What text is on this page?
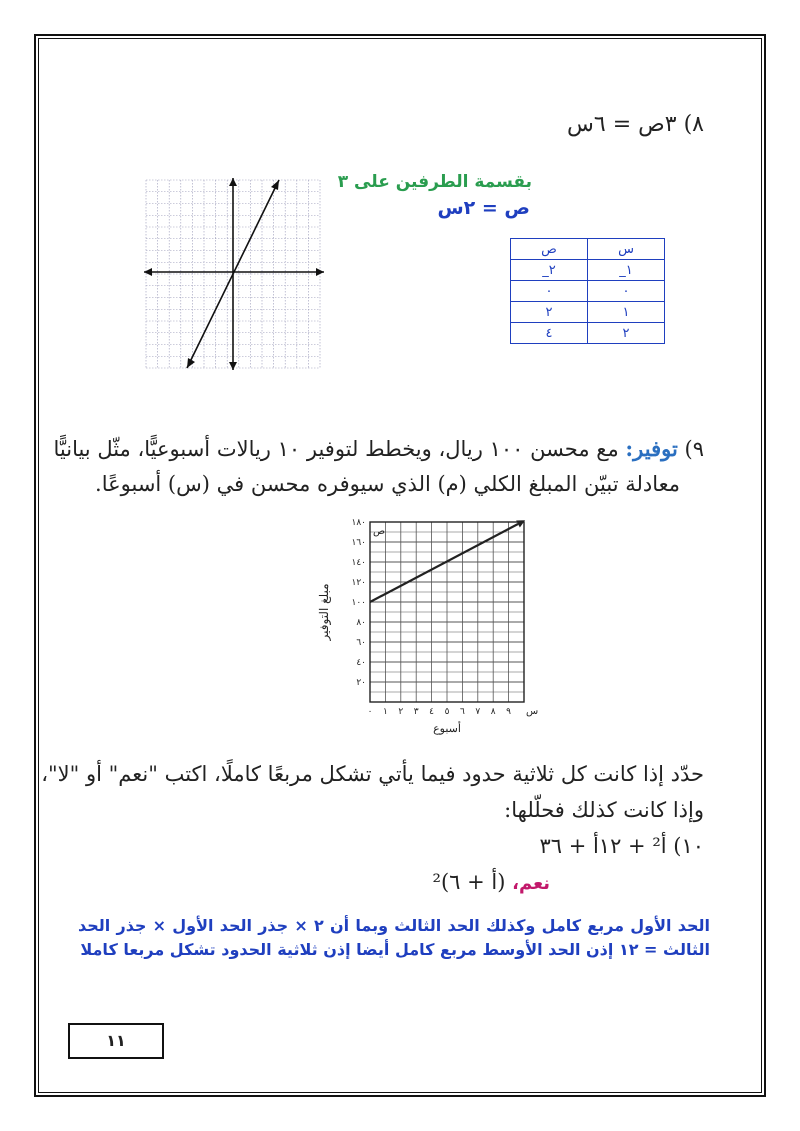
٨) ٣ص = ٦س
بقسمة الطرفين على ٣
ص = ٢س
س	ص
١_	٢_
٠	٠
١	٢
٢	٤
٩) توفير: مع محسن ١٠٠ ريال، ويخطط لتوفير ١٠ ريالات أسبوعيًّا، مثّل بيانيًّا
معادلة تبيّن المبلغ الكلي (م) الذي سيوفره محسن في (س) أسبوعًا.
٢٠
٤٠
٦٠
٨٠
١٠٠
١٢٠
١٤٠
١٦٠
١٨٠
٠ ١ ٢ ٣ ٤ ٥ ٦ ٧ ٨ ٩
ص
س
أسبوع
مبلغ التوفير
حدّد إذا كانت كل ثلاثية حدود فيما يأتي تشكل مربعًا كاملًا، اكتب "نعم" أو "لا"،
وإذا كانت كذلك فحلّلها:
١٠) أ² + ١٢أ + ٣٦
نعم، (أ + ٦)²
الحد الأول مربع كامل وكذلك الحد الثالث وبما أن ٢ × جذر الحد الأول × جذر الحد الثالث = ١٢ إذن الحد الأوسط مربع كامل أيضا إذن ثلاثية الحدود تشكل مربعا كاملا
١١
